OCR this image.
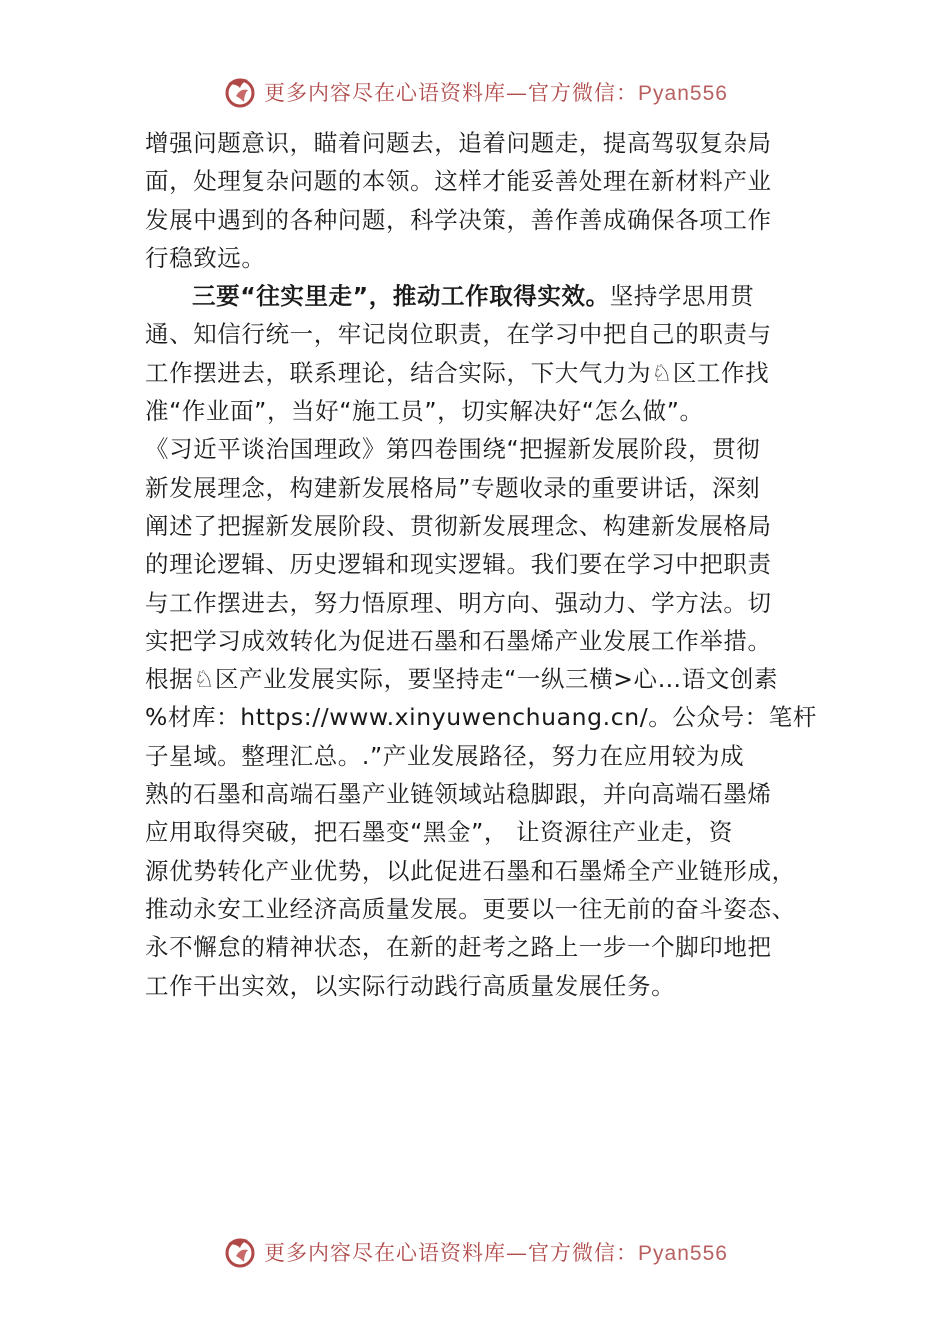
更多内容尽在心语资料库—官方微信：Pyan556
增强问题意识，瞄着问题去，追着问题走，提高驾驭复杂局
面，处理复杂问题的本领。这样才能妥善处理在新材料产业
发展中遇到的各种问题，科学决策，善作善成确保各项工作
行稳致远。
三要“往实里走”，推动工作取得实效。坚持学思用贯
通、知信行统一，牢记岗位职责，在学习中把自己的职责与
工作摆进去，联系理论，结合实际，下大气力为♘区工作找
准“作业面”，当好“施工员”，切实解决好“怎么做”。
《习近平谈治国理政》第四卷围绕“把握新发展阶段，贯彻
新发展理念，构建新发展格局”专题收录的重要讲话，深刻
阐述了把握新发展阶段、贯彻新发展理念、构建新发展格局
的理论逻辑、历史逻辑和现实逻辑。我们要在学习中把职责
与工作摆进去，努力悟原理、明方向、强动力、学方法。切
实把学习成效转化为促进石墨和石墨烯产业发展工作举措。
根据♘区产业发展实际，要坚持走“一纵三横>心…语文创素
%材库：https://www.xinyuwenchuang.cn/。公众号：笔杆
子星域。整理汇总。.”产业发展路径，努力在应用较为成
熟的石墨和高端石墨产业链领域站稳脚跟，并向高端石墨烯
应用取得突破，把石墨变“黑金”， 让资源往产业走，资
源优势转化产业优势，以此促进石墨和石墨烯全产业链形成，
推动永安工业经济高质量发展。更要以一往无前的奋斗姿态、
永不懈怠的精神状态，在新的赶考之路上一步一个脚印地把
工作干出实效，以实际行动践行高质量发展任务。
更多内容尽在心语资料库—官方微信：Pyan556
